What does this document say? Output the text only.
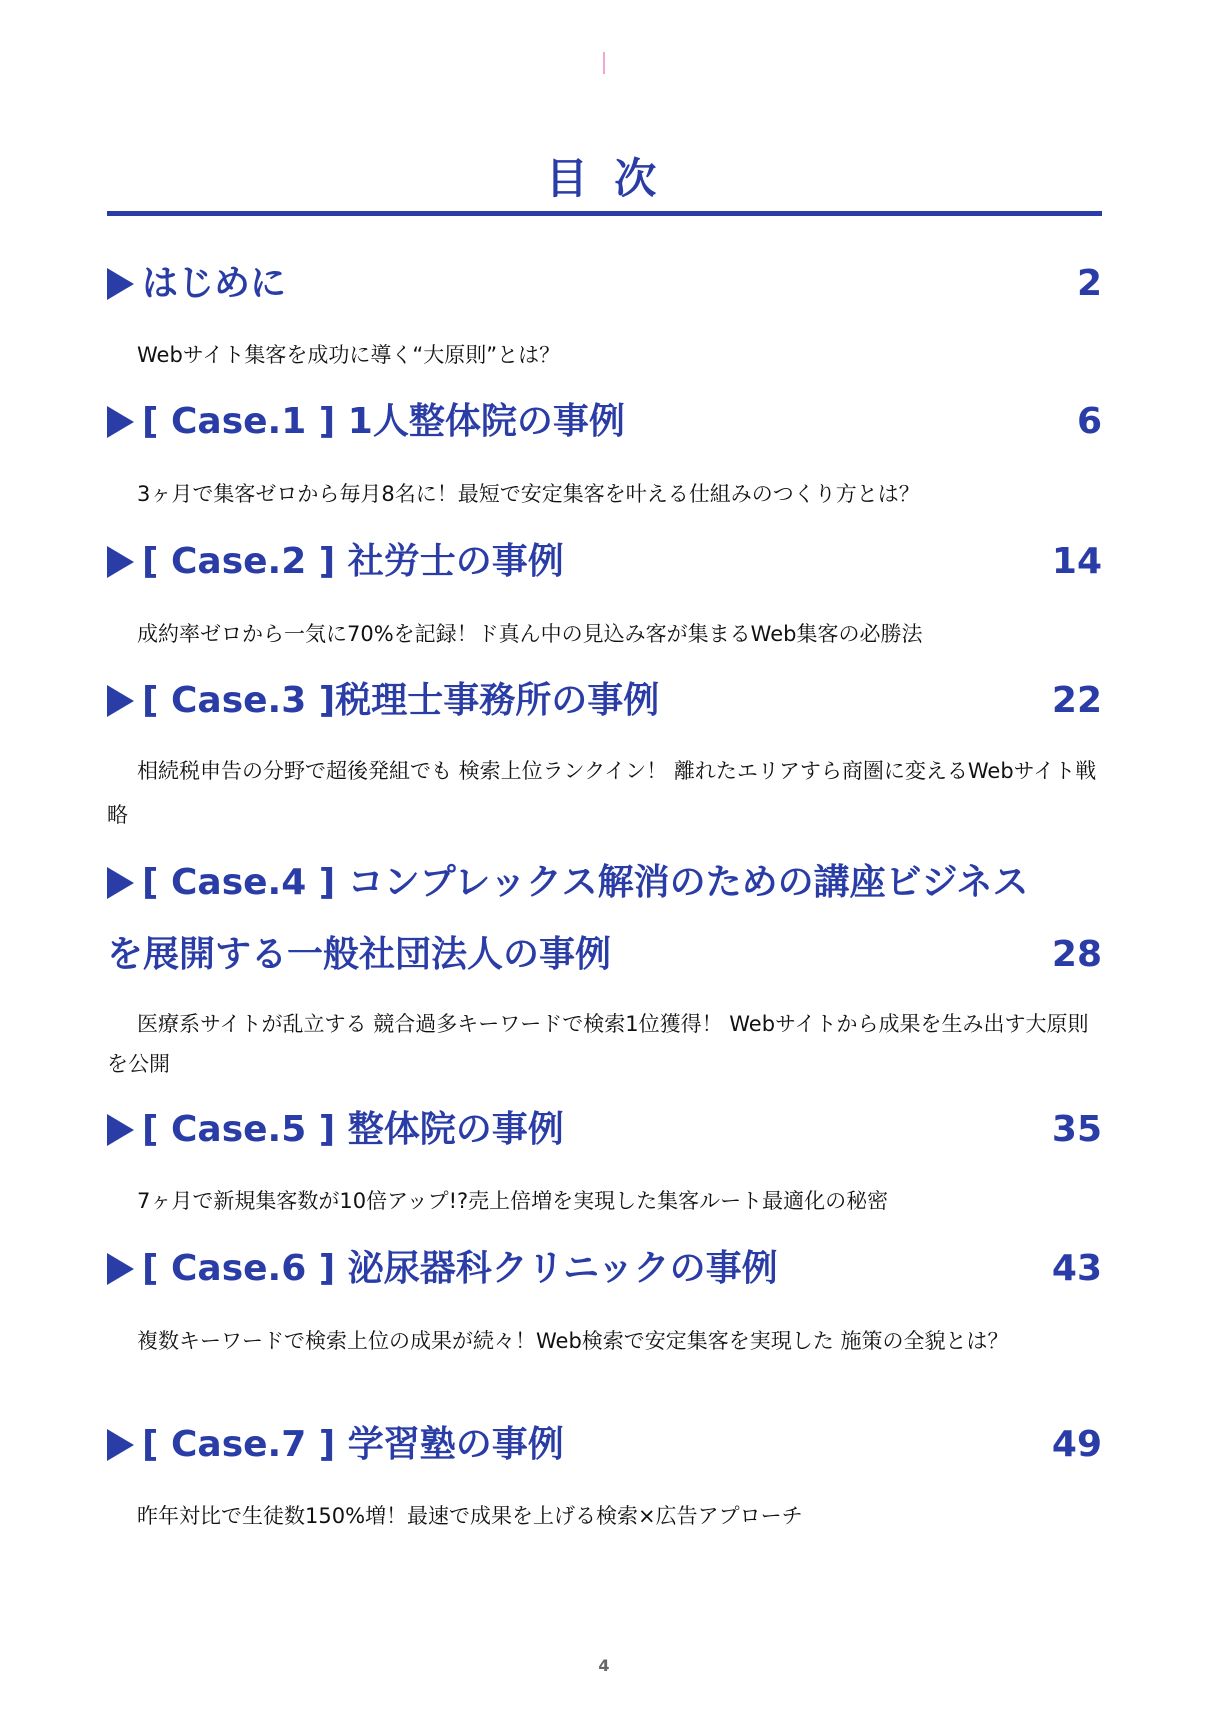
目 次
はじめに	2
Webサイト集客を成功に導く“大原則”とは？
[ Case.1 ] 1人整体院の事例	6
3ヶ月で集客ゼロから毎月8名に！最短で安定集客を叶える仕組みのつくり方とは？
[ Case.2 ] 社労士の事例	14
成約率ゼロから一気に70%を記録！ド真ん中の見込み客が集まるWeb集客の必勝法
[ Case.3 ]税理士事務所の事例	22
相続税申告の分野で超後発組でも 検索上位ランクイン！ 離れたエリアすら商圏に変えるWebサイト戦略
[ Case.4 ] コンプレックス解消のための講座ビジネス
を展開する一般社団法人の事例	28
医療系サイトが乱立する 競合過多キーワードで検索1位獲得！ Webサイトから成果を生み出す大原則を公開
[ Case.5 ] 整体院の事例	35
7ヶ月で新規集客数が10倍アップ!?売上倍増を実現した集客ルート最適化の秘密
[ Case.6 ] 泌尿器科クリニックの事例	43
複数キーワードで検索上位の成果が続々！Web検索で安定集客を実現した 施策の全貌とは？
[ Case.7 ] 学習塾の事例	49
昨年対比で生徒数150%増！最速で成果を上げる検索×広告アプローチ
4
